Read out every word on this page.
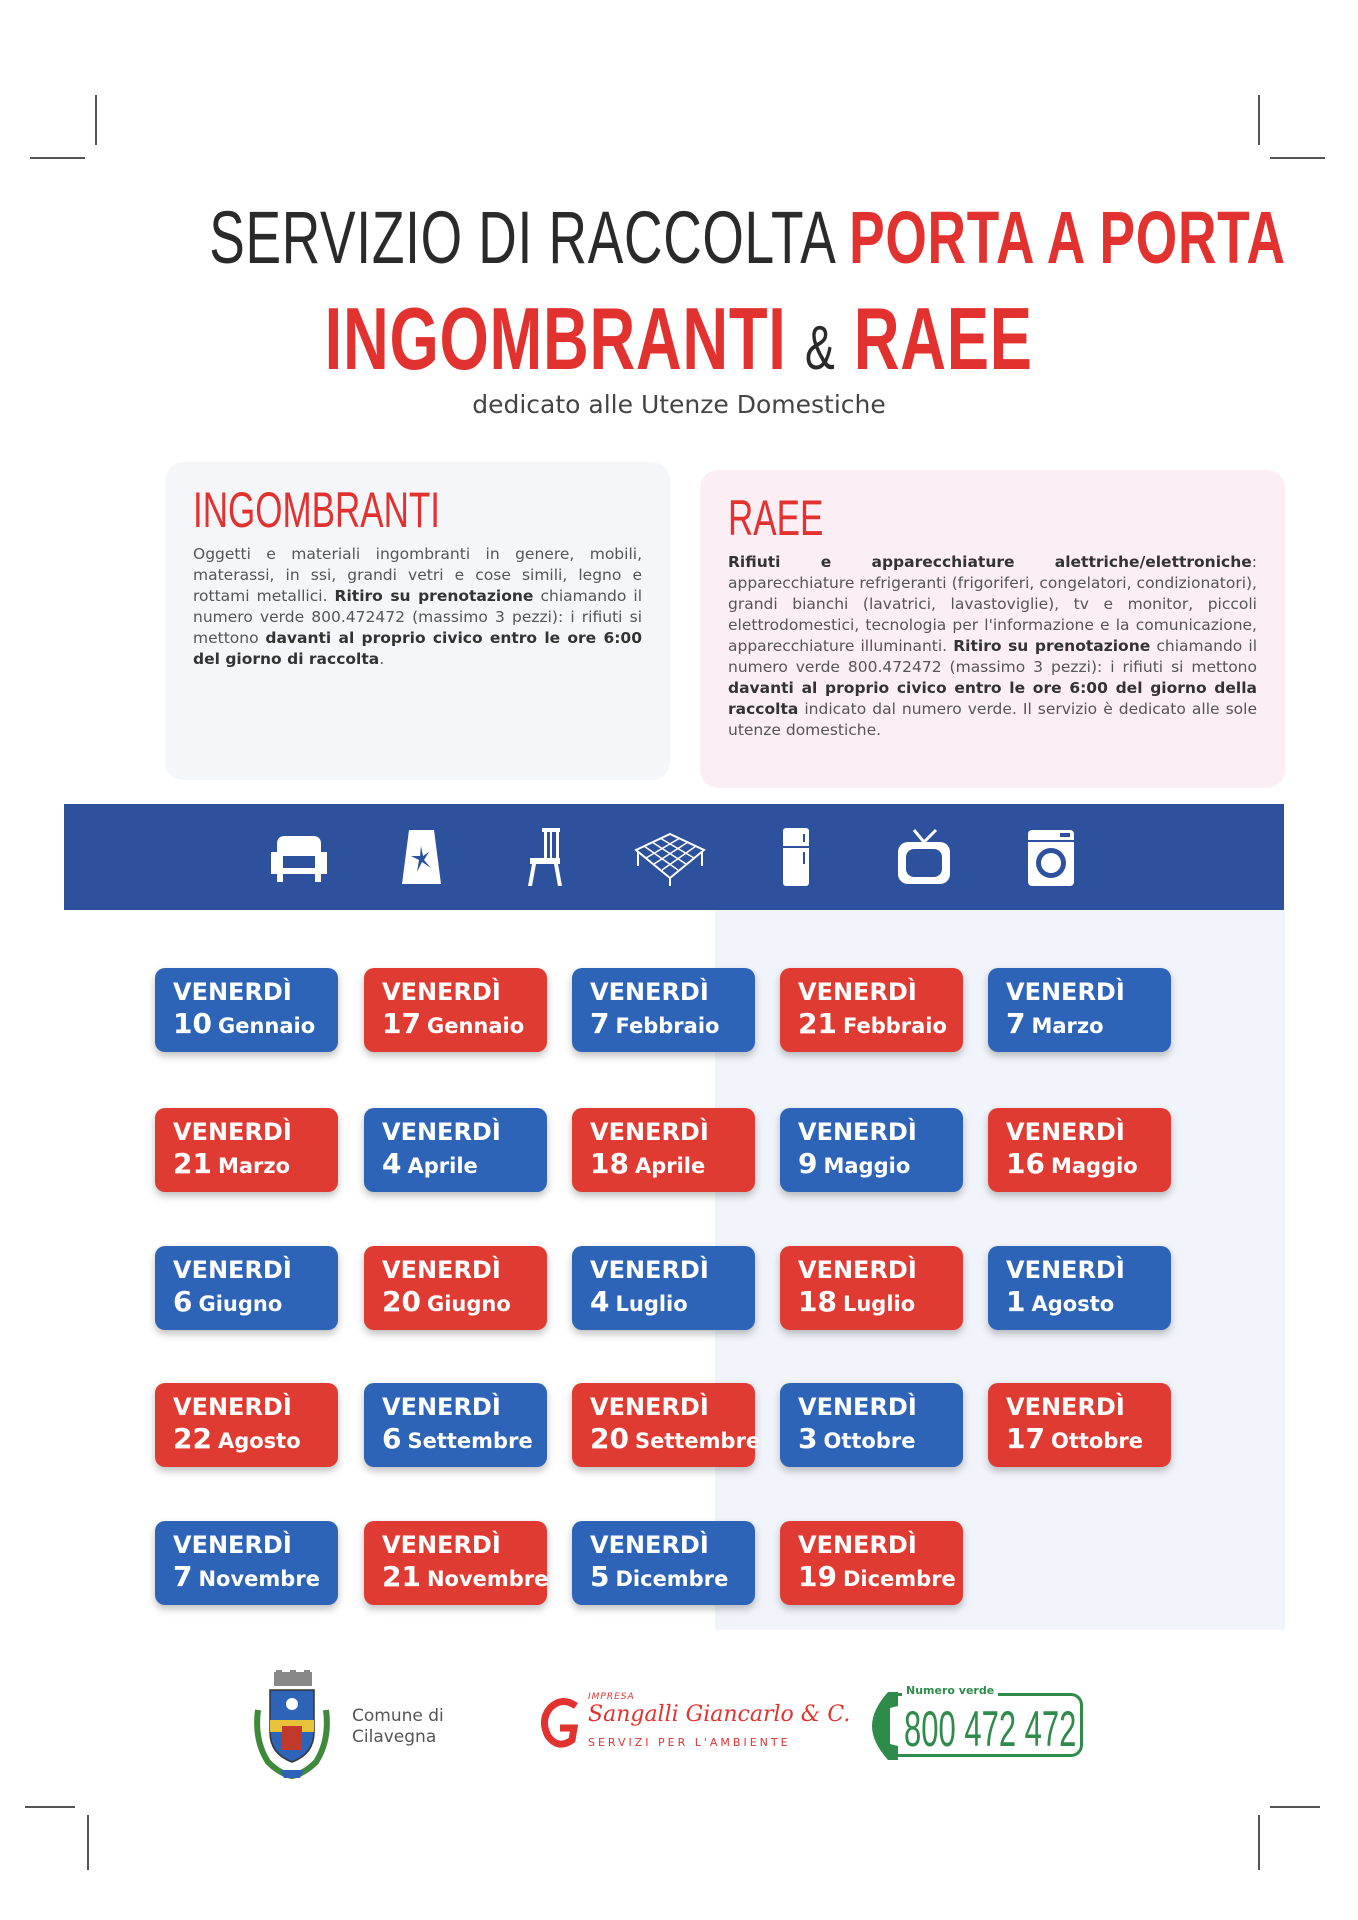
SERVIZIO DI RACCOLTA PORTA A PORTA
INGOMBRANTI & RAEE
dedicato alle Utenze Domestiche
INGOMBRANTI

Oggetti e materiali ingombranti in genere, mobili, materassi, in ssi, grandi vetri e cose simili, legno e rottami metallici. Ritiro su prenotazione chiamando il numero verde 800.472472 (massimo 3 pezzi): i rifiuti si mettono davanti al proprio civico entro le ore 6:00 del giorno di raccolta.

RAEE

Rifiuti e apparecchiature alettriche/elettroniche: apparecchiature refrigeranti (frigoriferi, congelatori, condizionatori), grandi bianchi (lavatrici, lavastoviglie), tv e monitor, piccoli elettrodomestici, tecnologia per l'informazione e la comunicazione, apparecchiature illuminanti. Ritiro su prenotazione chiamando il numero verde 800.472472 (massimo 3 pezzi): i rifiuti si mettono davanti al proprio civico entro le ore 6:00 del giorno della raccolta indicato dal numero verde. Il servizio è dedicato alle sole utenze domestiche.

VENERDÌ
10 Gennaio
VENERDÌ
17 Gennaio
VENERDÌ
7 Febbraio
VENERDÌ
21 Febbraio
VENERDÌ
7 Marzo
VENERDÌ
21 Marzo
VENERDÌ
4 Aprile
VENERDÌ
18 Aprile
VENERDÌ
9 Maggio
VENERDÌ
16 Maggio
VENERDÌ
6 Giugno
VENERDÌ
20 Giugno
VENERDÌ
4 Luglio
VENERDÌ
18 Luglio
VENERDÌ
1 Agosto
VENERDÌ
22 Agosto
VENERDÌ
6 Settembre
VENERDÌ
20 Settembre
VENERDÌ
3 Ottobre
VENERDÌ
17 Ottobre
VENERDÌ
7 Novembre
VENERDÌ
21 Novembre
VENERDÌ
5 Dicembre
VENERDÌ
19 Dicembre
Comune di
Cilavegna
IMPRESA
Sangalli Giancarlo & C.
SERVIZI PER L'AMBIENTE
Numero verde
800 472 472
